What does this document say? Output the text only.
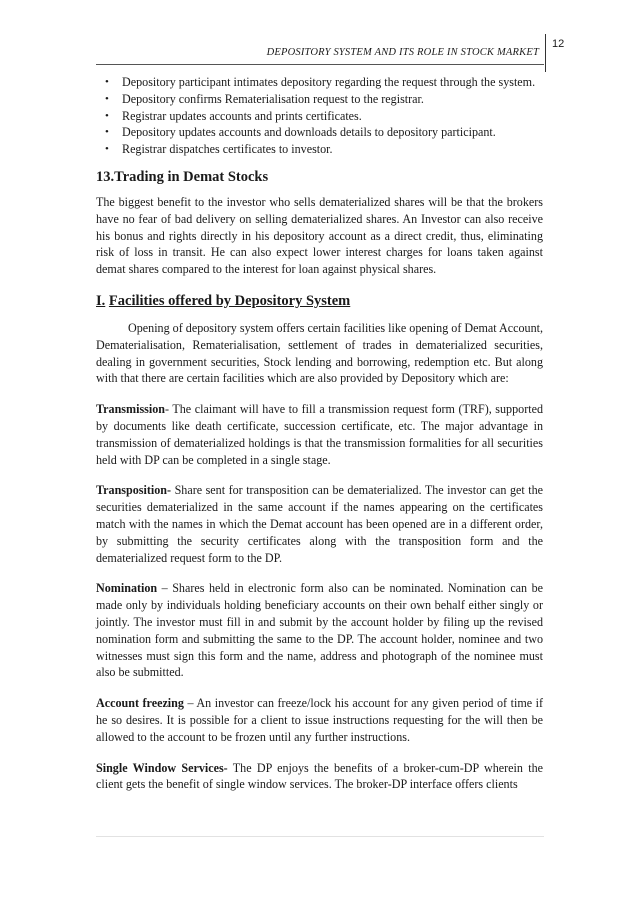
12
DEPOSITORY SYSTEM AND ITS ROLE IN STOCK MARKET
• Depository participant intimates depository regarding the request through the system.
• Depository confirms Rematerialisation request to the registrar.
• Registrar updates accounts and prints certificates.
• Depository updates accounts and downloads details to depository participant.
• Registrar dispatches certificates to investor.
13.Trading in Demat Stocks

The biggest benefit to the investor who sells dematerialized shares will be that the brokers have no fear of bad delivery on selling dematerialized shares. An Investor can also receive his bonus and rights directly in his depository account as a direct credit, thus, eliminating risk of loss in transit. He can also expect lower interest charges for loans taken against demat shares compared to the interest for loan against physical shares.

I. Facilities offered by Depository System

Opening of depository system offers certain facilities like opening of Demat Account, Dematerialisation, Rematerialisation, settlement of trades in dematerialized securities, dealing in government securities, Stock lending and borrowing, redemption etc. But along with that there are certain facilities which are also provided by Depository which are:

Transmission- The claimant will have to fill a transmission request form (TRF), supported by documents like death certificate, succession certificate, etc. The major advantage in transmission of dematerialized holdings is that the transmission formalities for all securities held with DP can be completed in a single stage.

Transposition- Share sent for transposition can be dematerialized. The investor can get the securities dematerialized in the same account if the names appearing on the certificates match with the names in which the Demat account has been opened are in a different order, by submitting the security certificates along with the transposition form and the dematerialized request form to the DP.

Nomination – Shares held in electronic form also can be nominated. Nomination can be made only by individuals holding beneficiary accounts on their own behalf either singly or jointly. The investor must fill in and submit by the account holder by filing up the revised nomination form and submitting the same to the DP. The account holder, nominee and two witnesses must sign this form and the name, address and photograph of the nominee must also be submitted.

Account freezing – An investor can freeze/lock his account for any given period of time if he so desires. It is possible for a client to issue instructions requesting for the will then be allowed to the account to be frozen until any further instructions.

Single Window Services- The DP enjoys the benefits of a broker-cum-DP wherein the client gets the benefit of single window services. The broker-DP interface offers clients
